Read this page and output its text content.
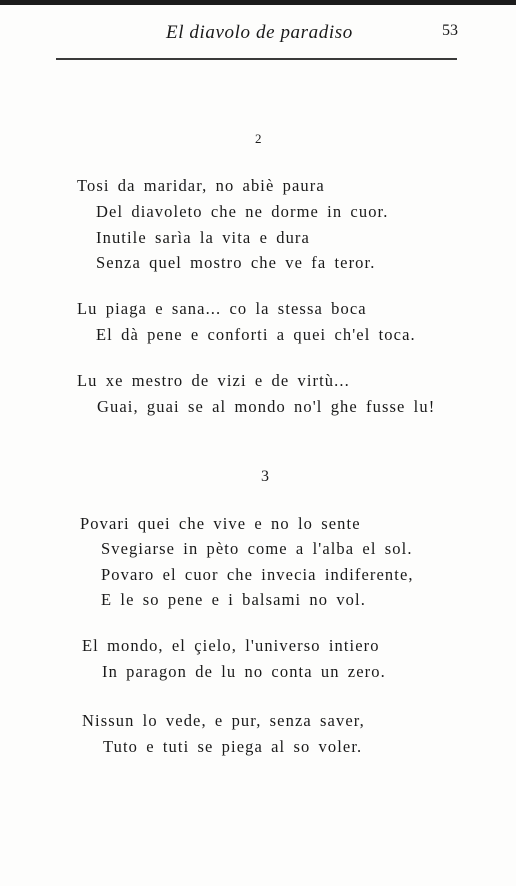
El diavolo de paradiso	53
2
Tosi da maridar, no abiè paura
Del diavoleto che ne dorme in cuor.
Inutile sarìa la vita e dura
Senza quel mostro che ve fa teror.
Lu piaga e sana... co la stessa boca
El dà pene e conforti a quei ch'el toca.
Lu xe mestro de vizi e de virtù...
Guai, guai se al mondo no'l ghe fusse lu!
3
Povari quei che vive e no lo sente
Svegiarse in pèto come a l'alba el sol.
Povaro el cuor che invecia indiferente,
E le so pene e i balsami no vol.
El mondo, el çielo, l'universo intiero
In paragon de lu no conta un zero.
Nissun lo vede, e pur, senza saver,
Tuto e tuti se piega al so voler.
